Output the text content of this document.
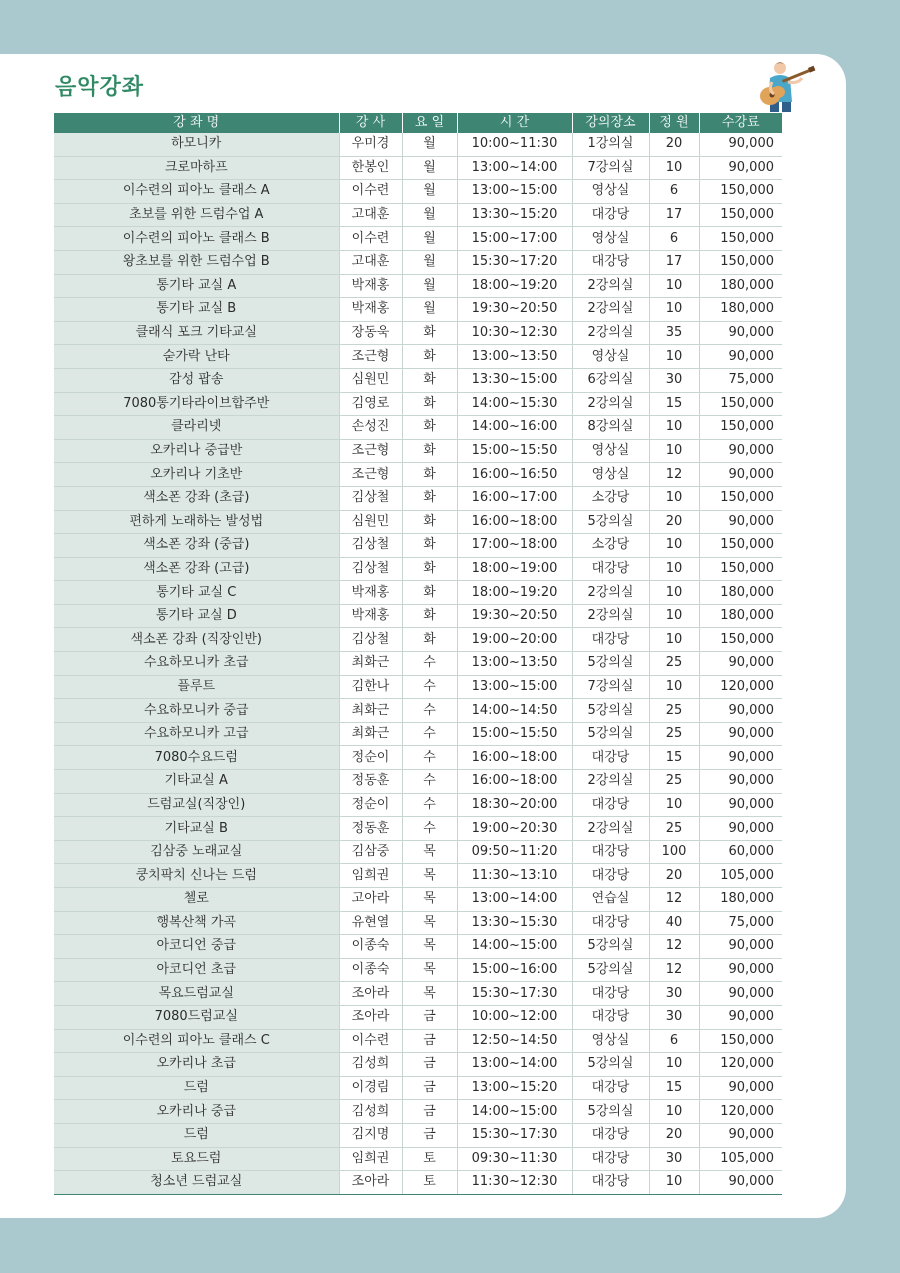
음악강좌
강 좌 명	강 사	요 일	시 간	강의장소	정 원	수강료
하모니카	우미경	월	10:00~11:30	1강의실	20	90,000
크로마하프	한봉인	월	13:00~14:00	7강의실	10	90,000
이수련의 피아노 클래스 A	이수련	월	13:00~15:00	영상실	6	150,000
초보를 위한 드럼수업 A	고대훈	월	13:30~15:20	대강당	17	150,000
이수련의 피아노 클래스 B	이수련	월	15:00~17:00	영상실	6	150,000
왕초보를 위한 드럼수업 B	고대훈	월	15:30~17:20	대강당	17	150,000
통기타 교실 A	박재홍	월	18:00~19:20	2강의실	10	180,000
통기타 교실 B	박재홍	월	19:30~20:50	2강의실	10	180,000
클래식 포크 기타교실	장동욱	화	10:30~12:30	2강의실	35	90,000
숟가락 난타	조근형	화	13:00~13:50	영상실	10	90,000
감성 팝송	심원민	화	13:30~15:00	6강의실	30	75,000
7080통기타라이브합주반	김영로	화	14:00~15:30	2강의실	15	150,000
클라리넷	손성진	화	14:00~16:00	8강의실	10	150,000
오카리나 중급반	조근형	화	15:00~15:50	영상실	10	90,000
오카리나 기초반	조근형	화	16:00~16:50	영상실	12	90,000
색소폰 강좌 (초급)	김상철	화	16:00~17:00	소강당	10	150,000
편하게 노래하는 발성법	심원민	화	16:00~18:00	5강의실	20	90,000
색소폰 강좌 (중급)	김상철	화	17:00~18:00	소강당	10	150,000
색소폰 강좌 (고급)	김상철	화	18:00~19:00	대강당	10	150,000
통기타 교실 C	박재홍	화	18:00~19:20	2강의실	10	180,000
통기타 교실 D	박재홍	화	19:30~20:50	2강의실	10	180,000
색소폰 강좌 (직장인반)	김상철	화	19:00~20:00	대강당	10	150,000
수요하모니카 초급	최화근	수	13:00~13:50	5강의실	25	90,000
플루트	김한나	수	13:00~15:00	7강의실	10	120,000
수요하모니카 중급	최화근	수	14:00~14:50	5강의실	25	90,000
수요하모니카 고급	최화근	수	15:00~15:50	5강의실	25	90,000
7080수요드럼	정순이	수	16:00~18:00	대강당	15	90,000
기타교실 A	정동훈	수	16:00~18:00	2강의실	25	90,000
드럼교실(직장인)	정순이	수	18:30~20:00	대강당	10	90,000
기타교실 B	정동훈	수	19:00~20:30	2강의실	25	90,000
김삼중 노래교실	김삼중	목	09:50~11:20	대강당	100	60,000
쿵치팍치 신나는 드럼	임희권	목	11:30~13:10	대강당	20	105,000
첼로	고아라	목	13:00~14:00	연습실	12	180,000
행복산책 가곡	유현열	목	13:30~15:30	대강당	40	75,000
아코디언 중급	이종숙	목	14:00~15:00	5강의실	12	90,000
아코디언 초급	이종숙	목	15:00~16:00	5강의실	12	90,000
목요드럼교실	조아라	목	15:30~17:30	대강당	30	90,000
7080드럼교실	조아라	금	10:00~12:00	대강당	30	90,000
이수련의 피아노 클래스 C	이수련	금	12:50~14:50	영상실	6	150,000
오카리나 초급	김성희	금	13:00~14:00	5강의실	10	120,000
드럼	이경림	금	13:00~15:20	대강당	15	90,000
오카리나 중급	김성희	금	14:00~15:00	5강의실	10	120,000
드럼	김지명	금	15:30~17:30	대강당	20	90,000
토요드럼	임희권	토	09:30~11:30	대강당	30	105,000
청소년 드럼교실	조아라	토	11:30~12:30	대강당	10	90,000
